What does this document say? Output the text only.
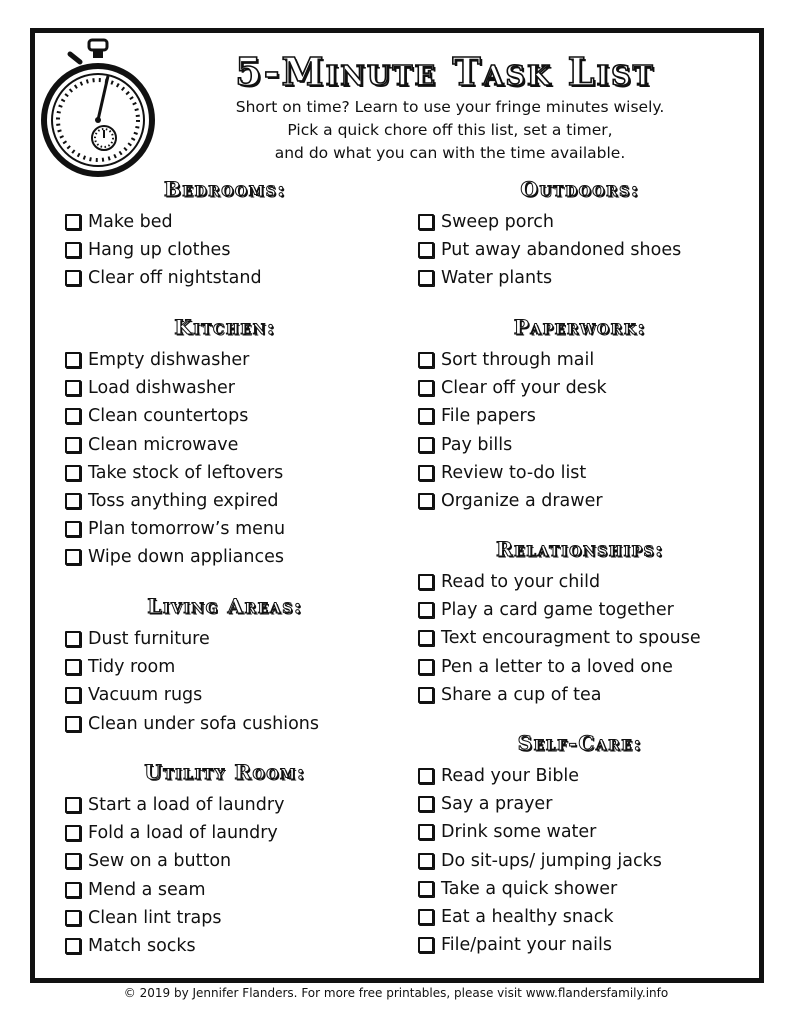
5-Minute Task List
Short on time? Learn to use your fringe minutes wisely.
Pick a quick chore off this list, set a timer,
and do what you can with the time available.
Bedrooms:
Make bed
Hang up clothes
Clear off nightstand
Kitchen:
Empty dishwasher
Load dishwasher
Clean countertops
Clean microwave
Take stock of leftovers
Toss anything expired
Plan tomorrow’s menu
Wipe down appliances
Living Areas:
Dust furniture
Tidy room
Vacuum rugs
Clean under sofa cushions
Utility Room:
Start a load of laundry
Fold a load of laundry
Sew on a button
Mend a seam
Clean lint traps
Match socks
Outdoors:
Sweep porch
Put away abandoned shoes
Water plants
Paperwork:
Sort through mail
Clear off your desk
File papers
Pay bills
Review to-do list
Organize a drawer
Relationships:
Read to your child
Play a card game together
Text encouragment to spouse
Pen a letter to a loved one
Share a cup of tea
Self-Care:
Read your Bible
Say a prayer
Drink some water
Do sit-ups/ jumping jacks
Take a quick shower
Eat a healthy snack
File/paint your nails
© 2019 by Jennifer Flanders. For more free printables, please visit www.flandersfamily.info
